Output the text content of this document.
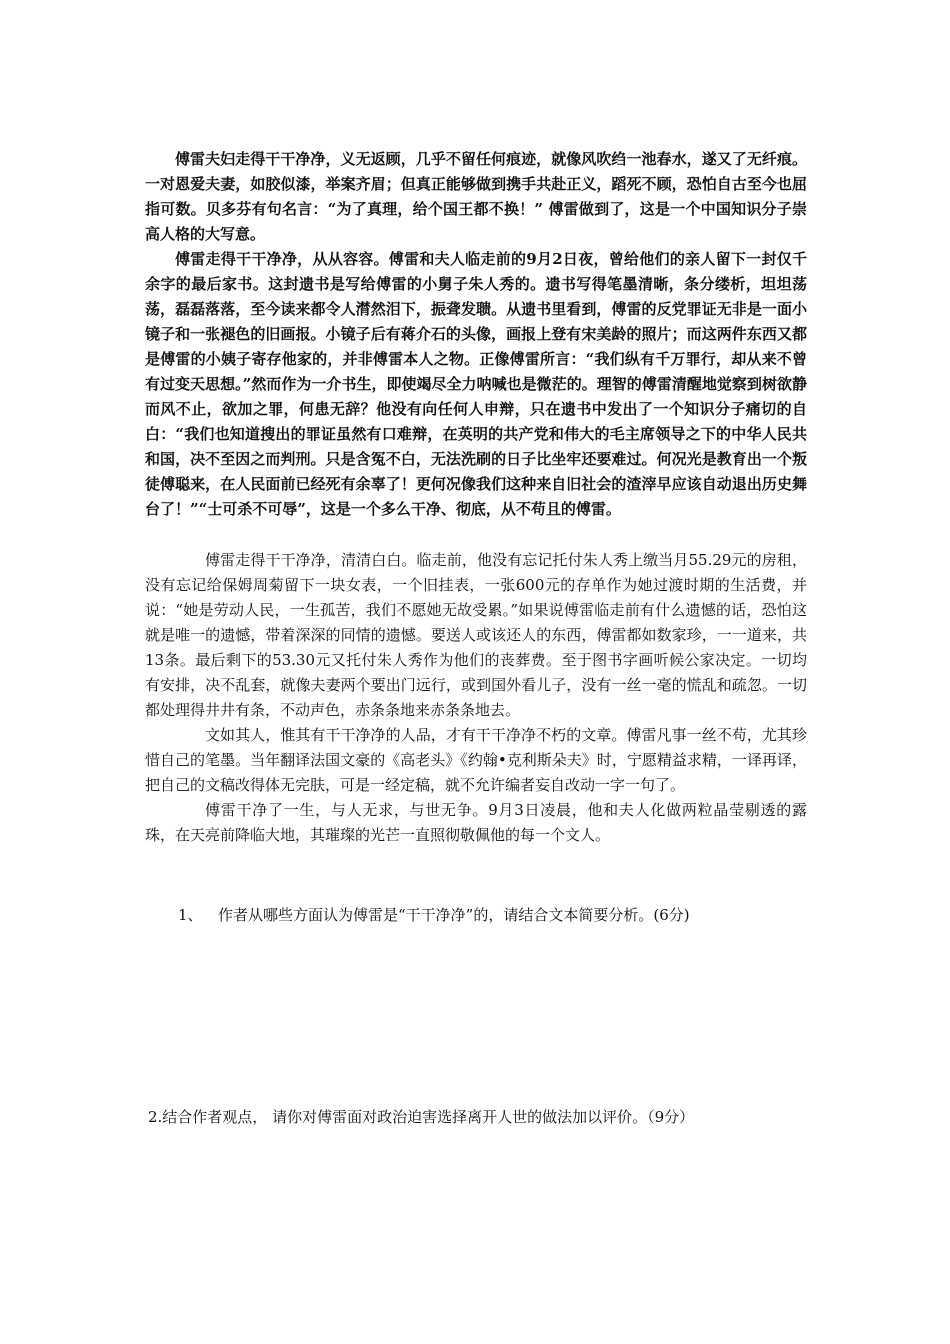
傅雷夫妇走得干干净净，义无返顾，几乎不留任何痕迹，就像风吹绉一池春水，遂又了无纤痕。一对恩爱夫妻，如胶似漆，举案齐眉；但真正能够做到携手共赴正义，蹈死不顾，恐怕自古至今也屈指可数。贝多芬有句名言：“为了真理，给个国王都不换！” 傅雷做到了，这是一个中国知识分子崇高人格的大写意。

傅雷走得干干净净，从从容容。傅雷和夫人临走前的9月2日夜，曾给他们的亲人留下一封仅千余字的最后家书。这封遗书是写给傅雷的小舅子朱人秀的。遗书写得笔墨清晰，条分缕析，坦坦荡荡，磊磊落落，至今读来都令人潸然泪下，振聋发聩。从遗书里看到，傅雷的反党罪证无非是一面小镜子和一张褪色的旧画报。小镜子后有蒋介石的头像，画报上登有宋美龄的照片；而这两件东西又都是傅雷的小姨子寄存他家的，并非傅雷本人之物。正像傅雷所言：“我们纵有千万罪行，却从来不曾有过变天思想。”然而作为一介书生，即使竭尽全力呐喊也是微茫的。理智的傅雷清醒地觉察到树欲静而风不止，欲加之罪，何患无辞？他没有向任何人申辩，只在遗书中发出了一个知识分子痛切的自白：“我们也知道搜出的罪证虽然有口难辩，在英明的共产党和伟大的毛主席领导之下的中华人民共和国，决不至因之而判刑。只是含冤不白，无法洗刷的日子比坐牢还要难过。何况光是教育出一个叛徒傅聪来，在人民面前已经死有余辜了！更何况像我们这种来自旧社会的渣滓早应该自动退出历史舞台了！”“士可杀不可辱”，这是一个多么干净、彻底，从不苟且的傅雷。

傅雷走得干干净净，清清白白。临走前，他没有忘记托付朱人秀上缴当月55.29元的房租，没有忘记给保姆周菊留下一块女表，一个旧挂表，一张600元的存单作为她过渡时期的生活费，并说：“她是劳动人民，一生孤苦，我们不愿她无故受累。”如果说傅雷临走前有什么遗憾的话，恐怕这就是唯一的遗憾，带着深深的同情的遗憾。要送人或该还人的东西，傅雷都如数家珍，一一道来，共13条。最后剩下的53.30元又托付朱人秀作为他们的丧葬费。至于图书字画听候公家决定。一切均有安排，决不乱套，就像夫妻两个要出门远行，或到国外看儿子，没有一丝一毫的慌乱和疏忽。一切都处理得井井有条，不动声色，赤条条地来赤条条地去。

文如其人，惟其有干干净净的人品，才有干干净净不朽的文章。傅雷凡事一丝不苟，尤其珍惜自己的笔墨。当年翻译法国文豪的《高老头》《约翰•克利斯朵夫》时，宁愿精益求精，一译再译，把自己的文稿改得体无完肤，可是一经定稿，就不允许编者妄自改动一字一句了。

傅雷干净了一生，与人无求，与世无争。9月3日凌晨，他和夫人化做两粒晶莹剔透的露珠，在天亮前降临大地，其璀璨的光芒一直照彻敬佩他的每一个文人。

1、 作者从哪些方面认为傅雷是“干干净净”的，请结合文本简要分析。(6分)
2.结合作者观点， 请你对傅雷面对政治迫害选择离开人世的做法加以评价。（9分）
